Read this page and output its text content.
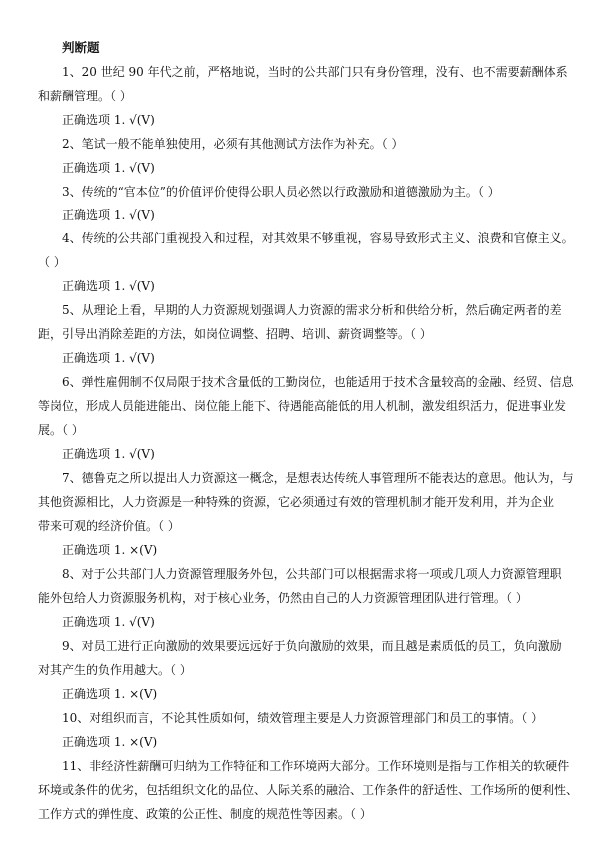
判断题
1、20 世纪 90 年代之前，严格地说，当时的公共部门只有身份管理，没有、也不需要薪酬体系
和薪酬管理。（ ）
正确选项 1. √(V)
2、笔试一般不能单独使用，必须有其他测试方法作为补充。（ ）
正确选项 1. √(V)
3、传统的“官本位”的价值评价使得公职人员必然以行政激励和道德激励为主。（ ）
正确选项 1. √(V)
4、传统的公共部门重视投入和过程，对其效果不够重视，容易导致形式主义、浪费和官僚主义。
（ ）
正确选项 1. √(V)
5、从理论上看，早期的人力资源规划强调人力资源的需求分析和供给分析，然后确定两者的差
距，引导出消除差距的方法，如岗位调整、招聘、培训、薪资调整等。（ ）
正确选项 1. √(V)
6、弹性雇佣制不仅局限于技术含量低的工勤岗位，也能适用于技术含量较高的金融、经贸、信息
等岗位，形成人员能进能出、岗位能上能下、待遇能高能低的用人机制，激发组织活力，促进事业发
展。（ ）
正确选项 1. √(V)
7、德鲁克之所以提出人力资源这一概念，是想表达传统人事管理所不能表达的意思。他认为，与
其他资源相比，人力资源是一种特殊的资源，它必须通过有效的管理机制才能开发利用，并为企业
带来可观的经济价值。（ ）
正确选项 1. ×(V)
8、对于公共部门人力资源管理服务外包，公共部门可以根据需求将一项或几项人力资源管理职
能外包给人力资源服务机构，对于核心业务，仍然由自己的人力资源管理团队进行管理。（ ）
正确选项 1. √(V)
9、对员工进行正向激励的效果要远远好于负向激励的效果，而且越是素质低的员工，负向激励
对其产生的负作用越大。（ ）
正确选项 1. ×(V)
10、对组织而言，不论其性质如何，绩效管理主要是人力资源管理部门和员工的事情。（ ）
正确选项 1. ×(V)
11、非经济性薪酬可归纳为工作特征和工作环境两大部分。工作环境则是指与工作相关的软硬件
环境或条件的优劣，包括组织文化的品位、人际关系的融洽、工作条件的舒适性、工作场所的便利性、
工作方式的弹性度、政策的公正性、制度的规范性等因素。（ ）
